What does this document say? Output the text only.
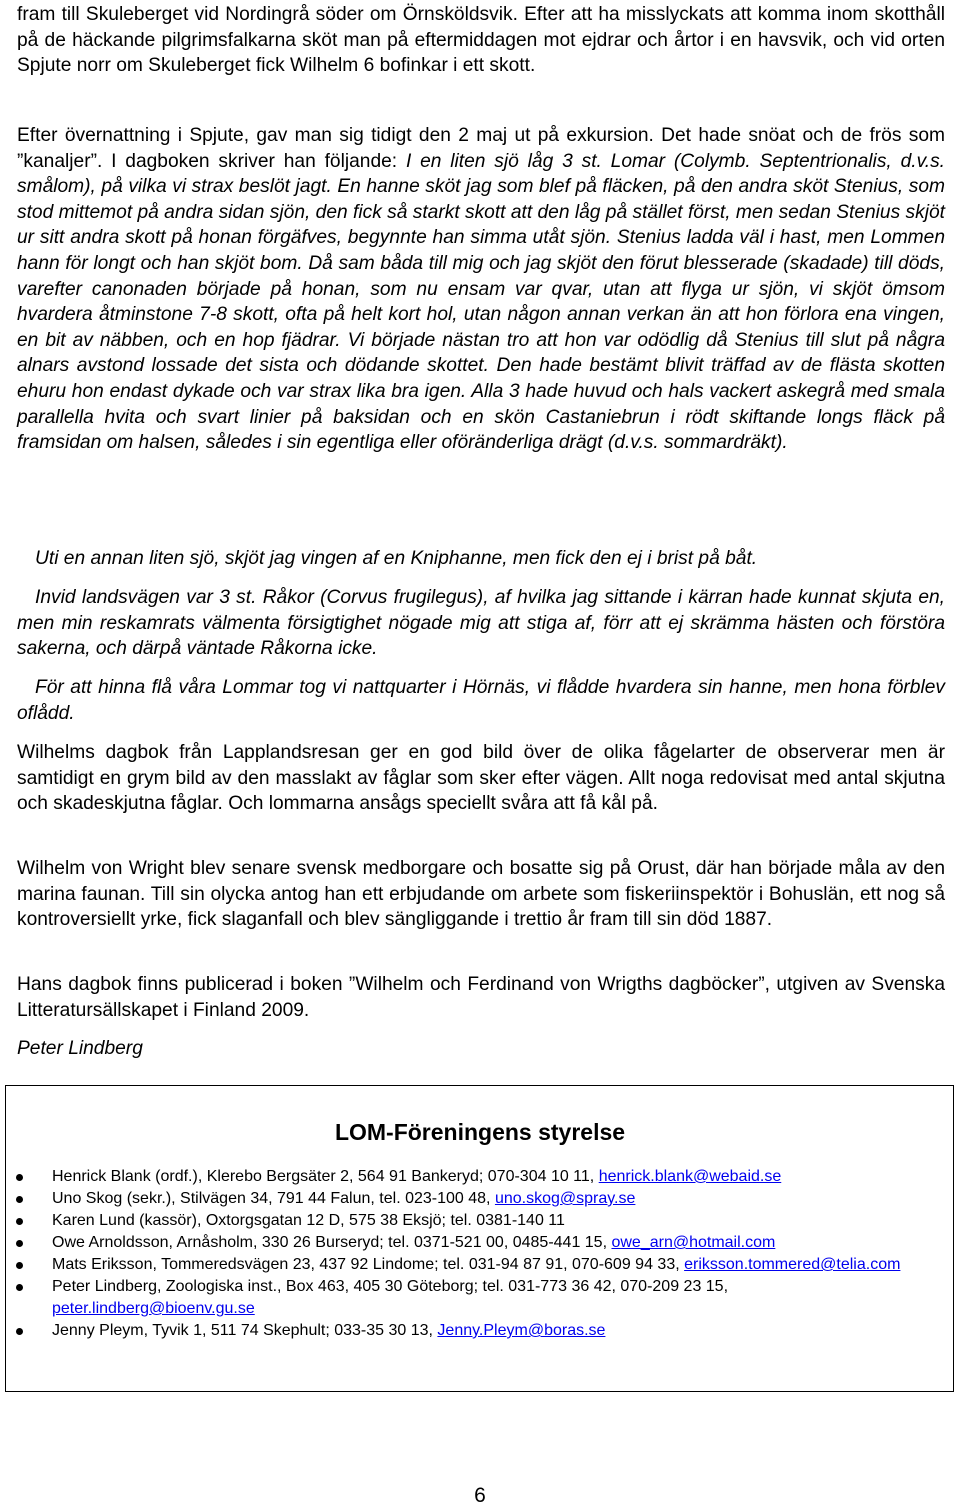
fram till Skuleberget vid Nordingrå söder om Örnsköldsvik. Efter att ha misslyckats att komma inom skotthåll på de häckande pilgrimsfalkarna sköt man på eftermiddagen mot ejdrar och årtor i en havsvik, och vid orten Spjute norr om Skuleberget fick Wilhelm 6 bofinkar i ett skott.

Efter övernattning i Spjute, gav man sig tidigt den 2 maj ut på exkursion. Det hade snöat och de frös som ”kanaljer”. I dagboken skriver han följande: I en liten sjö låg 3 st. Lomar (Colymb. Septentrionalis, d.v.s. smålom), på vilka vi strax beslöt jagt. En hanne sköt jag som blef på fläcken, på den andra sköt Stenius, som stod mittemot på andra sidan sjön, den fick så starkt skott att den låg på stället först, men sedan Stenius skjöt ur sitt andra skott på honan förgäfves, begynnte han simma utåt sjön. Stenius ladda väl i hast, men Lommen hann för longt och han skjöt bom. Då sam båda till mig och jag skjöt den förut blesserade (skadade) till döds, varefter canonaden började på honan, som nu ensam var qvar, utan att flyga ur sjön, vi skjöt ömsom hvardera åtminstone 7-8 skott, ofta på helt kort hol, utan någon annan verkan än att hon förlora ena vingen, en bit av näbben, och en hop fjädrar. Vi började nästan tro att hon var odödlig då Stenius till slut på några alnars avstond lossade det sista och dödande skottet. Den hade bestämt blivit träffad av de flästa skotten ehuru hon endast dykade och var strax lika bra igen. Alla 3 hade huvud och hals vackert askegrå med smala parallella hvita och svart linier på baksidan och en skön Castaniebrun i rödt skiftande longs fläck på framsidan om halsen, således i sin egentliga eller oföränderliga drägt (d.v.s. sommardräkt).

Uti en annan liten sjö, skjöt jag vingen af en Kniphanne, men fick den ej i brist på båt.

Invid landsvägen var 3 st. Råkor (Corvus frugilegus), af hvilka jag sittande i kärran hade kunnat skjuta en, men min reskamrats välmenta försigtighet nögade mig att stiga af, förr att ej skrämma hästen och förstöra sakerna, och därpå väntade Råkorna icke.

För att hinna flå våra Lommar tog vi nattquarter i Hörnäs, vi flådde hvardera sin hanne, men hona förblev oflådd.

Wilhelms dagbok från Lapplandsresan ger en god bild över de olika fågelarter de observerar men är samtidigt en grym bild av den masslakt av fåglar som sker efter vägen. Allt noga redovisat med antal skjutna och skadeskjutna fåglar. Och lommarna ansågs speciellt svåra att få kål på.

Wilhelm von Wright blev senare svensk medborgare och bosatte sig på Orust, där han började måla av den marina faunan. Till sin olycka antog han ett erbjudande om arbete som fiskeriinspektör i Bohuslän, ett nog så kontroversiellt yrke, fick slaganfall och blev sängliggande i trettio år fram till sin död 1887.

Hans dagbok finns publicerad i boken ”Wilhelm och Ferdinand von Wrigths dagböcker”, utgiven av Svenska Litteratursällskapet i Finland 2009.

Peter Lindberg

LOM-Föreningens styrelse
Henrick Blank (ordf.), Klerebo Bergsäter 2, 564 91 Bankeryd; 070-304 10 11, henrick.blank@webaid.se
Uno Skog (sekr.), Stilvägen 34, 791 44 Falun, tel. 023-100 48, uno.skog@spray.se
Karen Lund (kassör), Oxtorgsgatan 12 D, 575 38 Eksjö; tel. 0381-140 11
Owe Arnoldsson, Arnåsholm, 330 26 Burseryd; tel. 0371-521 00, 0485-441 15, owe_arn@hotmail.com
Mats Eriksson, Tommeredsvägen 23, 437 92 Lindome; tel. 031-94 87 91, 070-609 94 33, eriksson.tommered@telia.com
Peter Lindberg, Zoologiska inst., Box 463, 405 30 Göteborg; tel. 031-773 36 42, 070-209 23 15, peter.lindberg@bioenv.gu.se
Jenny Pleym, Tyvik 1, 511 74 Skephult; 033-35 30 13, Jenny.Pleym@boras.se
6
